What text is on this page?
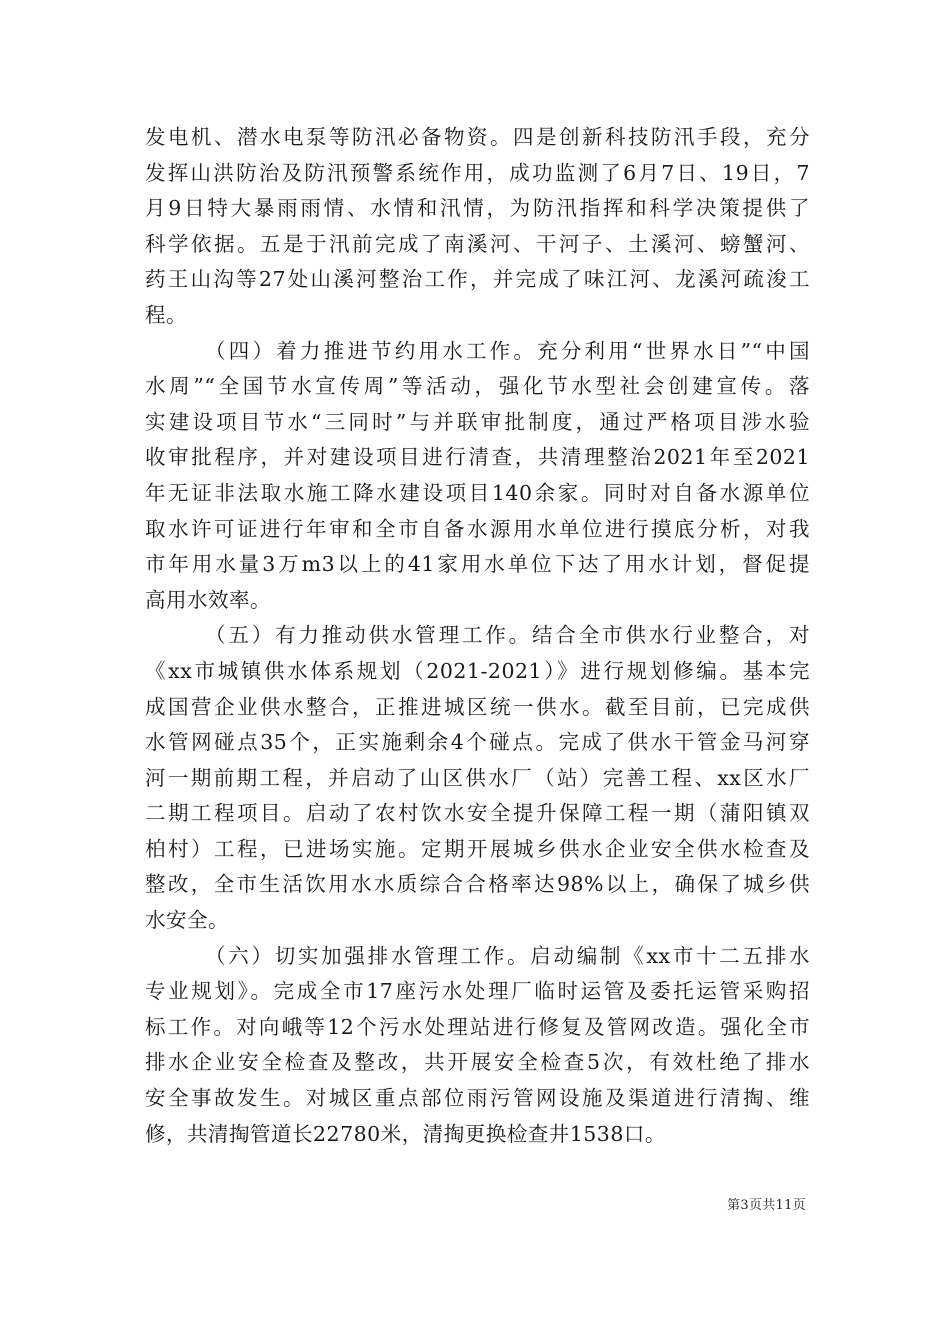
发电机、潜水电泵等防汛必备物资。四是创新科技防汛手段，充分
发挥山洪防治及防汛预警系统作用，成功监测了6月7日、19日，7
月9日特大暴雨雨情、水情和汛情，为防汛指挥和科学决策提供了
科学依据。五是于汛前完成了南溪河、干河子、土溪河、螃蟹河、
药王山沟等27处山溪河整治工作，并完成了味江河、龙溪河疏浚工
程。
（四）着力推进节约用水工作。充分利用“世界水日”“中国
水周”“全国节水宣传周”等活动，强化节水型社会创建宣传。落
实建设项目节水“三同时”与并联审批制度，通过严格项目涉水验
收审批程序，并对建设项目进行清查，共清理整治2021年至2021
年无证非法取水施工降水建设项目140余家。同时对自备水源单位
取水许可证进行年审和全市自备水源用水单位进行摸底分析，对我
市年用水量3万m3以上的41家用水单位下达了用水计划，督促提
高用水效率。
（五）有力推动供水管理工作。结合全市供水行业整合，对
《xx市城镇供水体系规划（2021-2021）》进行规划修编。基本完
成国营企业供水整合，正推进城区统一供水。截至目前，已完成供
水管网碰点35个，正实施剩余4个碰点。完成了供水干管金马河穿
河一期前期工程，并启动了山区供水厂（站）完善工程、xx区水厂
二期工程项目。启动了农村饮水安全提升保障工程一期（蒲阳镇双
柏村）工程，已进场实施。定期开展城乡供水企业安全供水检查及
整改，全市生活饮用水水质综合合格率达98%以上，确保了城乡供
水安全。
（六）切实加强排水管理工作。启动编制《xx市十二五排水
专业规划》。完成全市17座污水处理厂临时运管及委托运管采购招
标工作。对向峨等12个污水处理站进行修复及管网改造。强化全市
排水企业安全检查及整改，共开展安全检查5次，有效杜绝了排水
安全事故发生。对城区重点部位雨污管网设施及渠道进行清掏、维
修，共清掏管道长22780米，清掏更换检查井1538口。
第3页共11页
